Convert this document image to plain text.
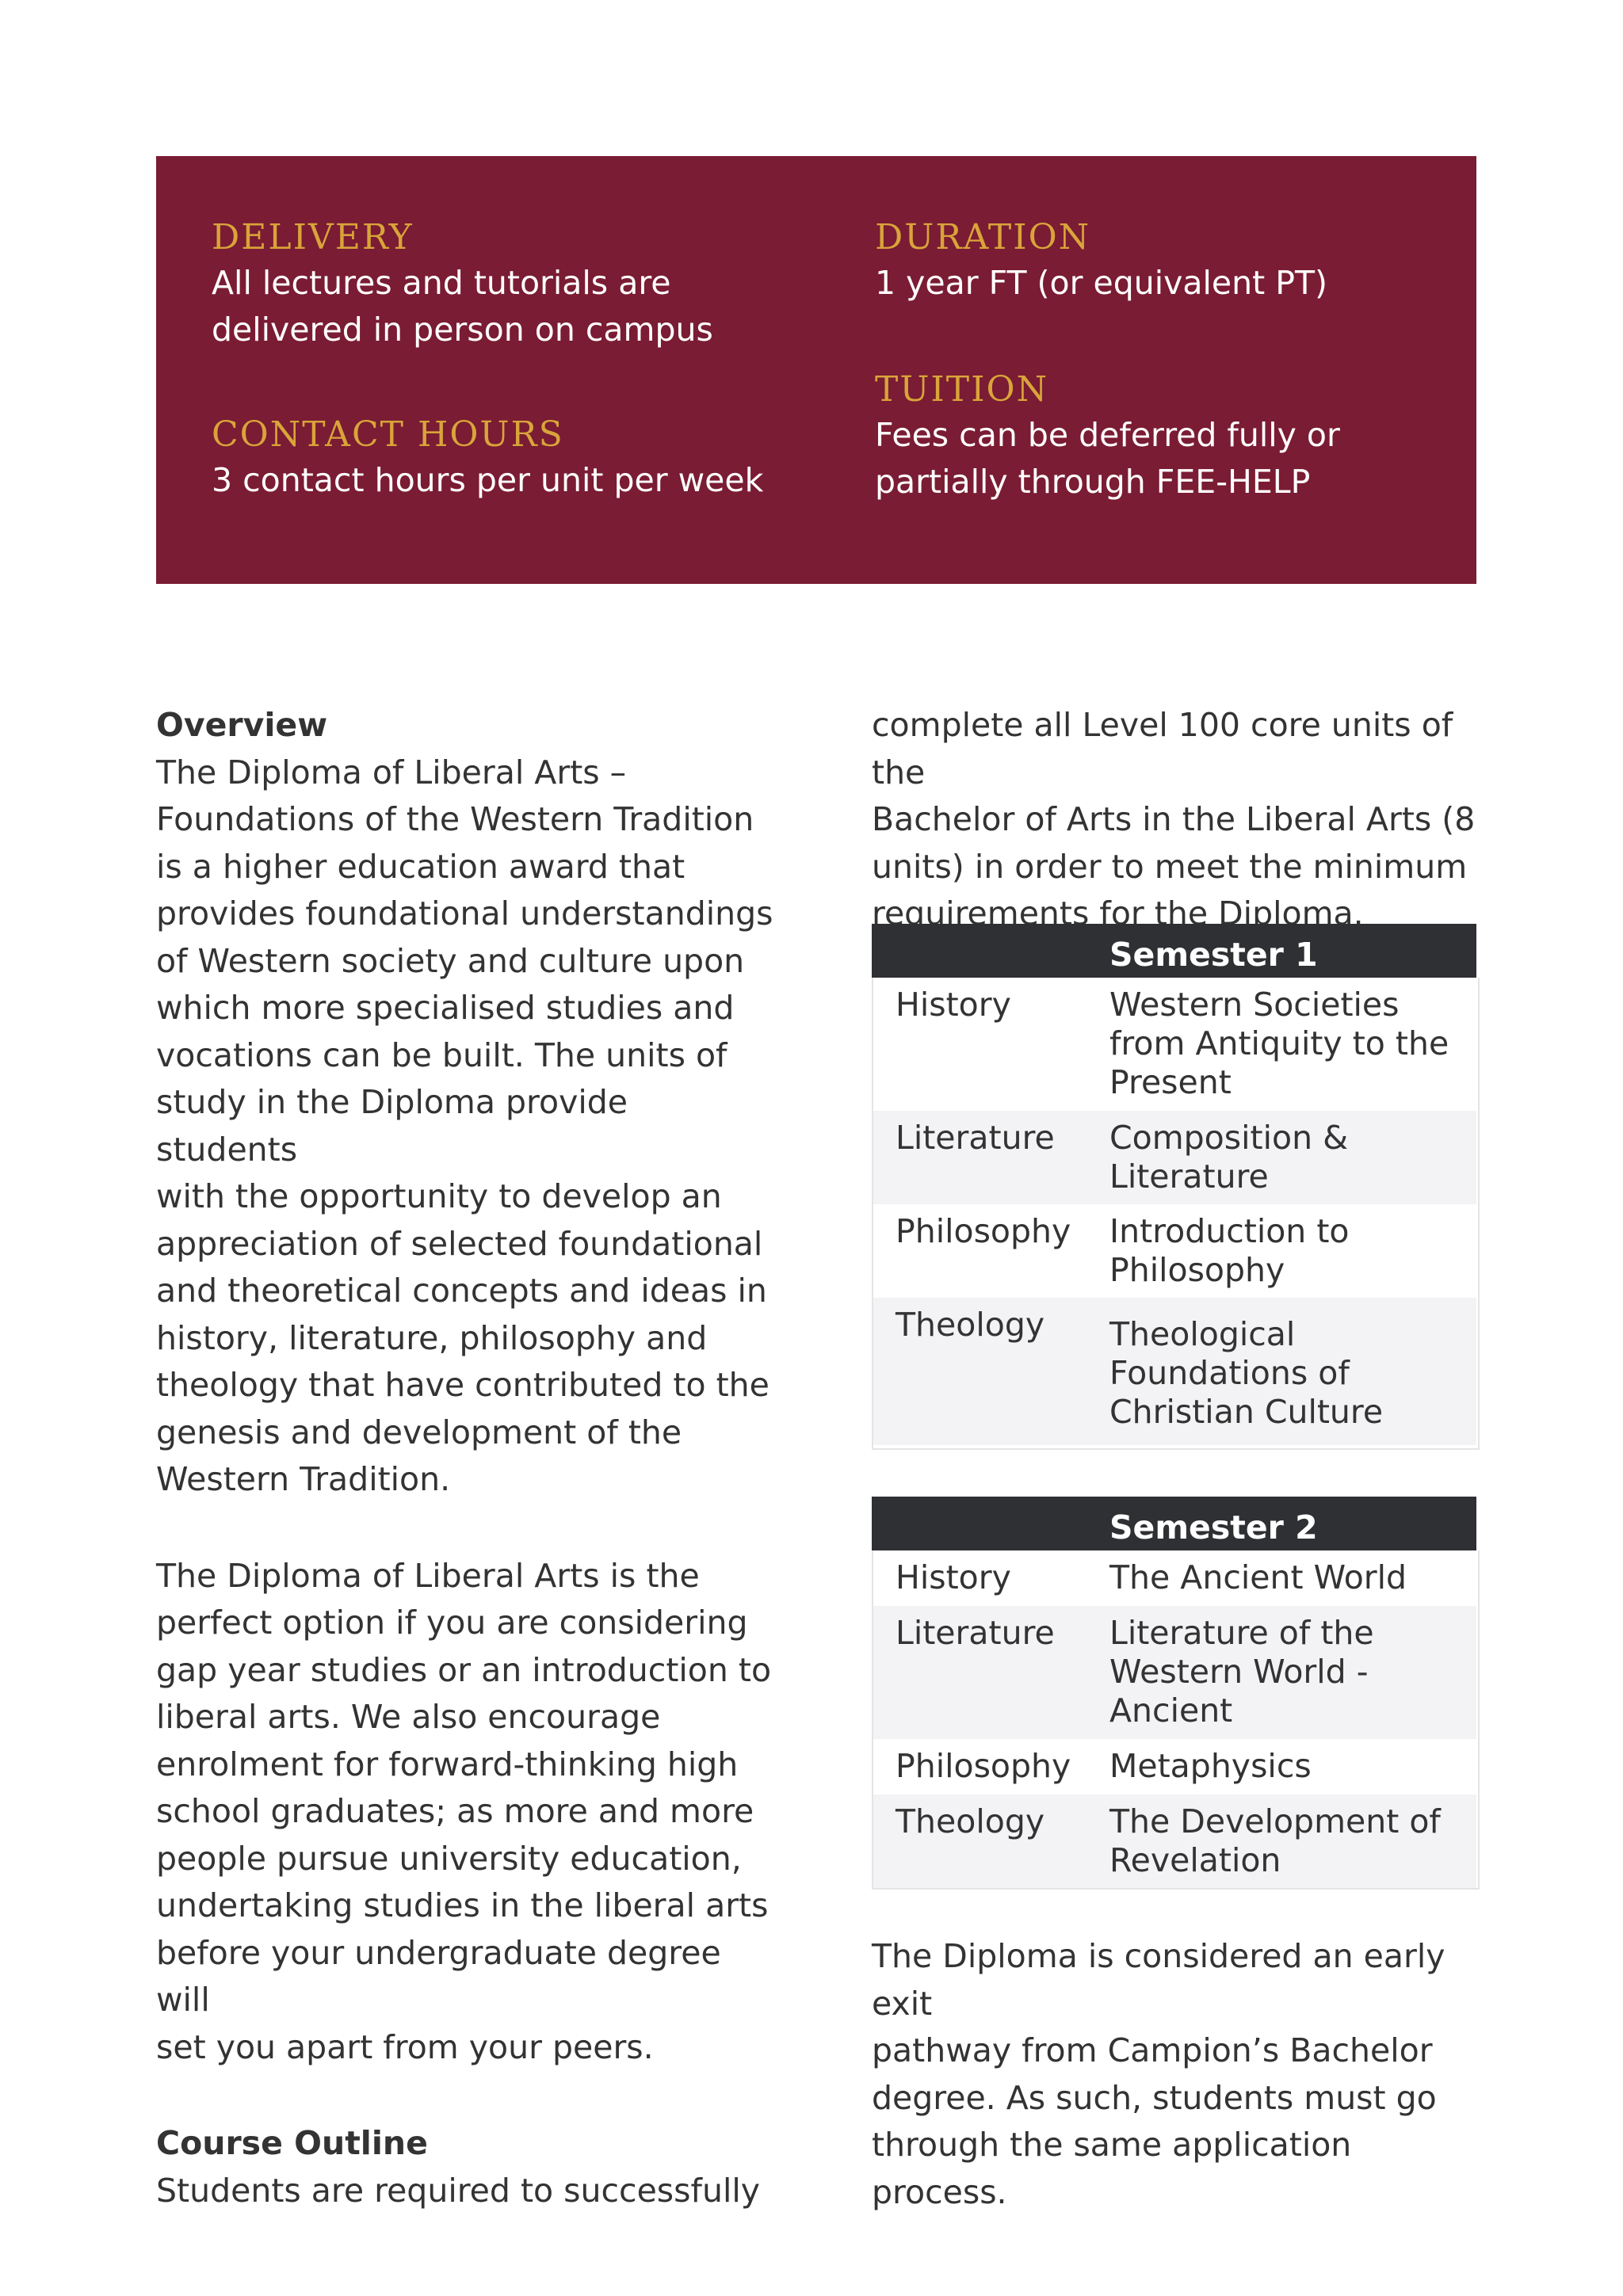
DELIVERY

All lectures and tutorials are

delivered in person on campus

DURATION

1 year FT (or equivalent PT)

CONTACT HOURS

3 contact hours per unit per week

TUITION

Fees can be deferred fully or

partially through FEE-HELP

Overview

The Diploma of Liberal Arts –

Foundations of the Western Tradition

is a higher education award that

provides foundational understandings

of Western society and culture upon

which more specialised studies and

vocations can be built. The units of

study in the Diploma provide students

with the opportunity to develop an

appreciation of selected foundational

and theoretical concepts and ideas in

history, literature, philosophy and

theology that have contributed to the

genesis and development of the

Western Tradition.

The Diploma of Liberal Arts is the

perfect option if you are considering

gap year studies or an introduction to

liberal arts. We also encourage

enrolment for forward-thinking high

school graduates; as more and more

people pursue university education,

undertaking studies in the liberal arts

before your undergraduate degree will

set you apart from your peers.

Course Outline

Students are required to successfully

complete all Level 100 core units of the

Bachelor of Arts in the Liberal Arts (8

units) in order to meet the minimum

requirements for the Diploma.

	Semester 1
History	Western Societies
from Antiquity to the
Present

Literature	Composition &
Literature

Philosophy	Introduction to
Philosophy

Theology	Theological
Foundations of
Christian Culture
	Semester 2
History	The Ancient World

Literature	Literature of the
Western World -
Ancient

Philosophy	Metaphysics

Theology	The Development of
Revelation

The Diploma is considered an early exit

pathway from Campion’s Bachelor

degree. As such, students must go

through the same application process.
